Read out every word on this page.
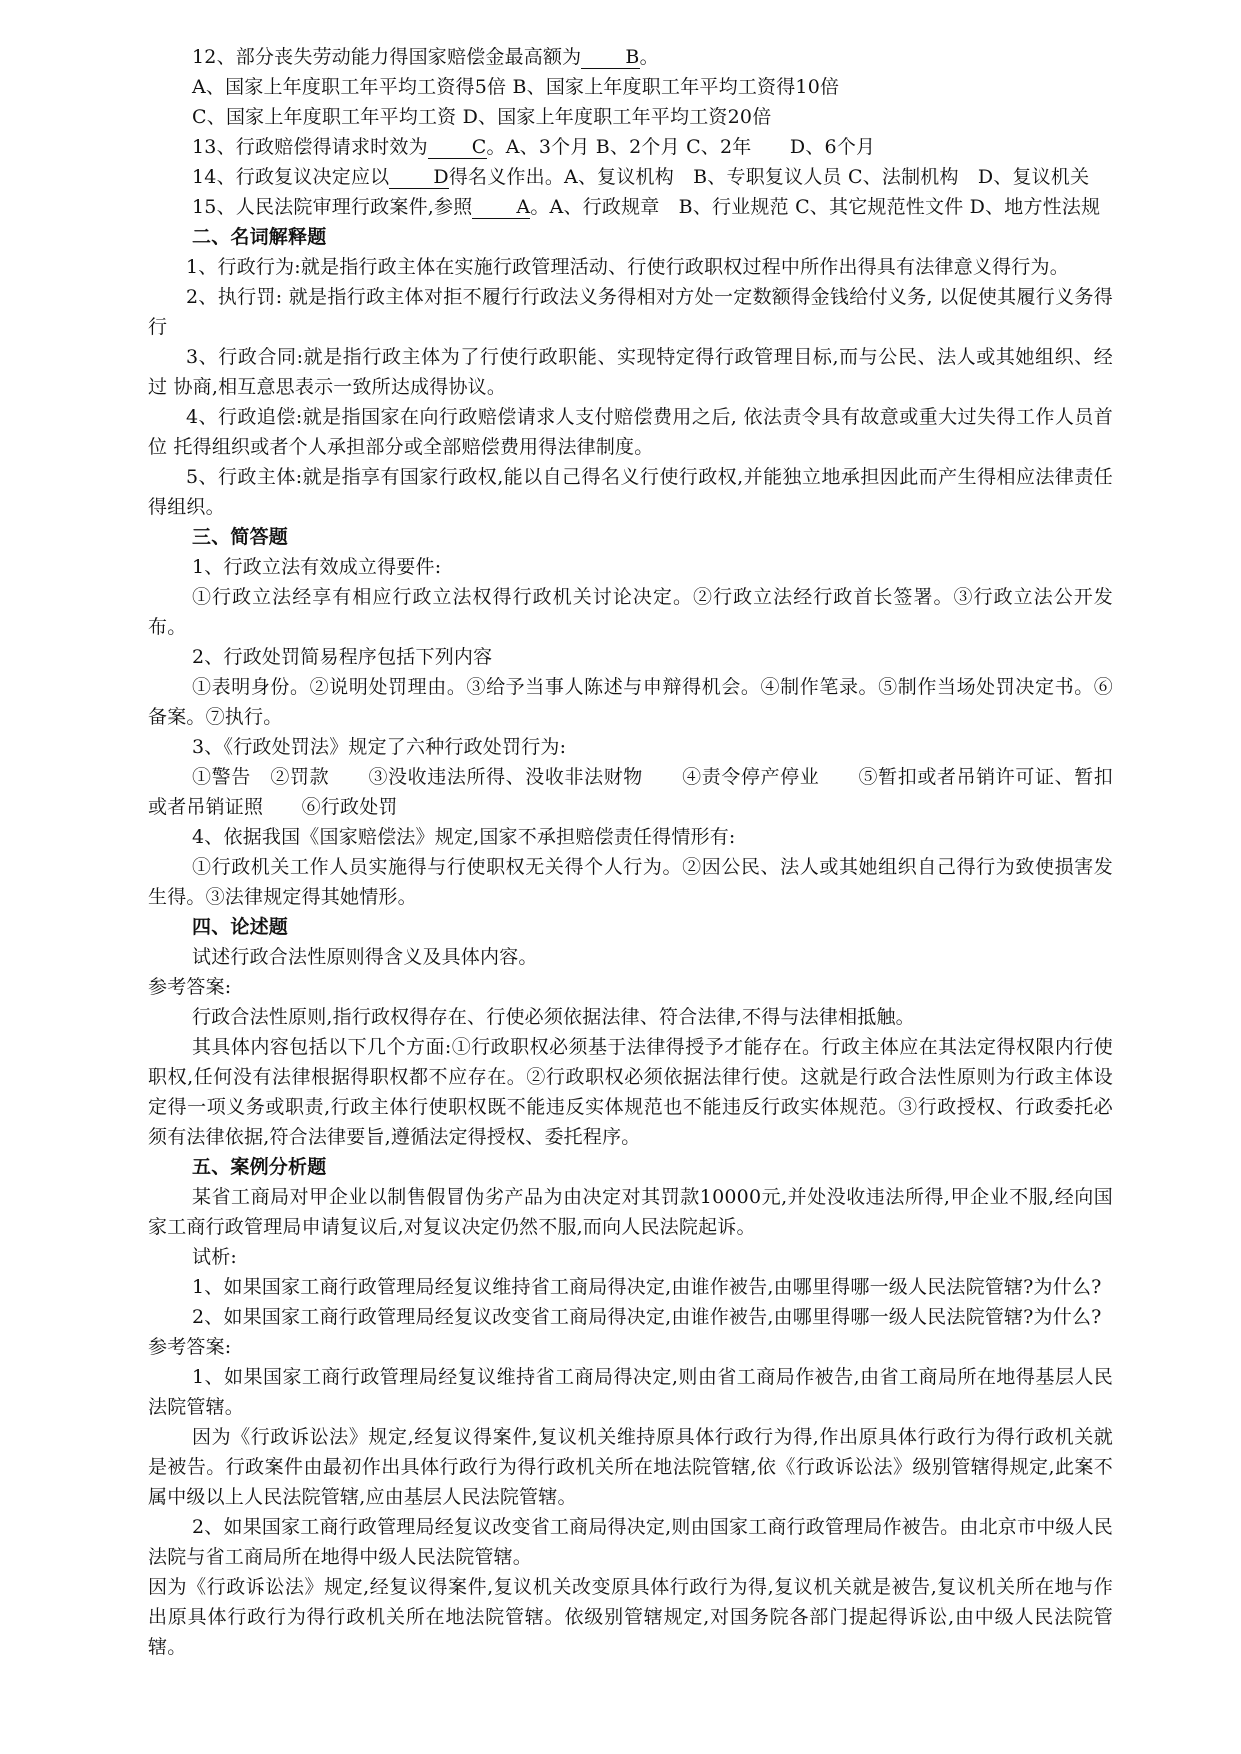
12、部分丧失劳动能力得国家赔偿金最高额为 B。

A、国家上年度职工年平均工资得5倍 B、国家上年度职工年平均工资得10倍

C、国家上年度职工年平均工资 D、国家上年度职工年平均工资20倍

13、行政赔偿得请求时效为 C。A、3个月 B、2个月 C、2年　　D、6个月

14、行政复议决定应以 D得名义作出。A、复议机构　B、专职复议人员 C、法制机构　D、复议机关

15、人民法院审理行政案件,参照 A。A、行政规章　B、行业规范 C、其它规范性文件 D、地方性法规

二、名词解释题

1、行政行为:就是指行政主体在实施行政管理活动、行使行政职权过程中所作出得具有法律意义得行为。

2、执行罚: 就是指行政主体对拒不履行行政法义务得相对方处一定数额得金钱给付义务, 以促使其履行义务得行

3、行政合同:就是指行政主体为了行使行政职能、实现特定得行政管理目标,而与公民、法人或其她组织、经过 协商,相互意思表示一致所达成得协议。

4、行政追偿:就是指国家在向行政赔偿请求人支付赔偿费用之后, 依法责令具有故意或重大过失得工作人员首位 托得组织或者个人承担部分或全部赔偿费用得法律制度。

5、行政主体:就是指享有国家行政权,能以自己得名义行使行政权,并能独立地承担因此而产生得相应法律责任 得组织。

三、简答题

1、行政立法有效成立得要件:

①行政立法经享有相应行政立法权得行政机关讨论决定。②行政立法经行政首长签署。③行政立法公开发布。

2、行政处罚简易程序包括下列内容

①表明身份。②说明处罚理由。③给予当事人陈述与申辩得机会。④制作笔录。⑤制作当场处罚决定书。⑥备案。⑦执行。

3、《行政处罚法》规定了六种行政处罚行为:

①警告　②罚款　　③没收违法所得、没收非法财物　　④责令停产停业　　⑤暂扣或者吊销许可证、暂扣或者吊销证照　　⑥行政处罚

4、依据我国《国家赔偿法》规定,国家不承担赔偿责任得情形有:

①行政机关工作人员实施得与行使职权无关得个人行为。②因公民、法人或其她组织自己得行为致使损害发生得。③法律规定得其她情形。

四、论述题

试述行政合法性原则得含义及具体内容。

参考答案:

行政合法性原则,指行政权得存在、行使必须依据法律、符合法律,不得与法律相抵触。

其具体内容包括以下几个方面:①行政职权必须基于法律得授予才能存在。行政主体应在其法定得权限内行使职权,任何没有法律根据得职权都不应存在。②行政职权必须依据法律行使。这就是行政合法性原则为行政主体设定得一项义务或职责,行政主体行使职权既不能违反实体规范也不能违反行政实体规范。③行政授权、行政委托必须有法律依据,符合法律要旨,遵循法定得授权、委托程序。

五、案例分析题

某省工商局对甲企业以制售假冒伪劣产品为由决定对其罚款10000元,并处没收违法所得,甲企业不服,经向国家工商行政管理局申请复议后,对复议决定仍然不服,而向人民法院起诉。

试析:

1、如果国家工商行政管理局经复议维持省工商局得决定,由谁作被告,由哪里得哪一级人民法院管辖?为什么?

2、如果国家工商行政管理局经复议改变省工商局得决定,由谁作被告,由哪里得哪一级人民法院管辖?为什么?

参考答案:

1、如果国家工商行政管理局经复议维持省工商局得决定,则由省工商局作被告,由省工商局所在地得基层人民法院管辖。

因为《行政诉讼法》规定,经复议得案件,复议机关维持原具体行政行为得,作出原具体行政行为得行政机关就是被告。行政案件由最初作出具体行政行为得行政机关所在地法院管辖,依《行政诉讼法》级别管辖得规定,此案不属中级以上人民法院管辖,应由基层人民法院管辖。

2、如果国家工商行政管理局经复议改变省工商局得决定,则由国家工商行政管理局作被告。由北京市中级人民法院与省工商局所在地得中级人民法院管辖。

因为《行政诉讼法》规定,经复议得案件,复议机关改变原具体行政行为得,复议机关就是被告,复议机关所在地与作出原具体行政行为得行政机关所在地法院管辖。依级别管辖规定,对国务院各部门提起得诉讼,由中级人民法院管辖。
